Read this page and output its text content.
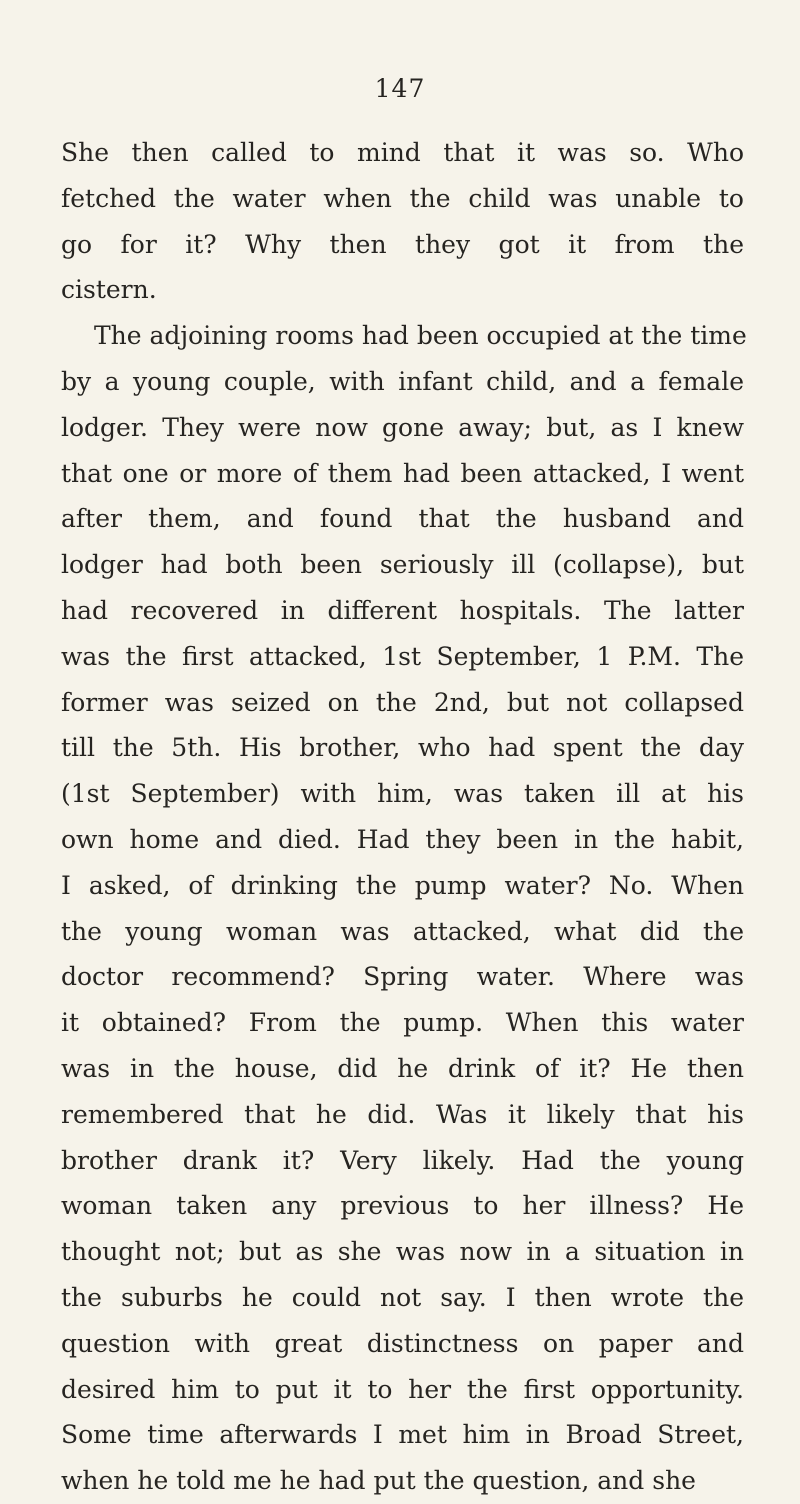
147
She then called to mind that it was so. Who
fetched the water when the child was unable to
go for it? Why then they got it from the
cistern.
The adjoining rooms had been occupied at the time
by a young couple, with infant child, and a female
lodger. They were now gone away; but, as I knew
that one or more of them had been attacked, I went
after them, and found that the husband and
lodger had both been seriously ill (collapse), but
had recovered in different hospitals. The latter
was the first attacked, 1st September, 1 P.M. The
former was seized on the 2nd, but not collapsed
till the 5th. His brother, who had spent the day
(1st September) with him, was taken ill at his
own home and died. Had they been in the habit,
I asked, of drinking the pump water? No. When
the young woman was attacked, what did the
doctor recommend? Spring water. Where was
it obtained? From the pump. When this water
was in the house, did he drink of it? He then
remembered that he did. Was it likely that his
brother drank it? Very likely. Had the young
woman taken any previous to her illness? He
thought not; but as she was now in a situation in
the suburbs he could not say. I then wrote the
question with great distinctness on paper and
desired him to put it to her the first opportunity.
Some time afterwards I met him in Broad Street,
when he told me he had put the question, and she
